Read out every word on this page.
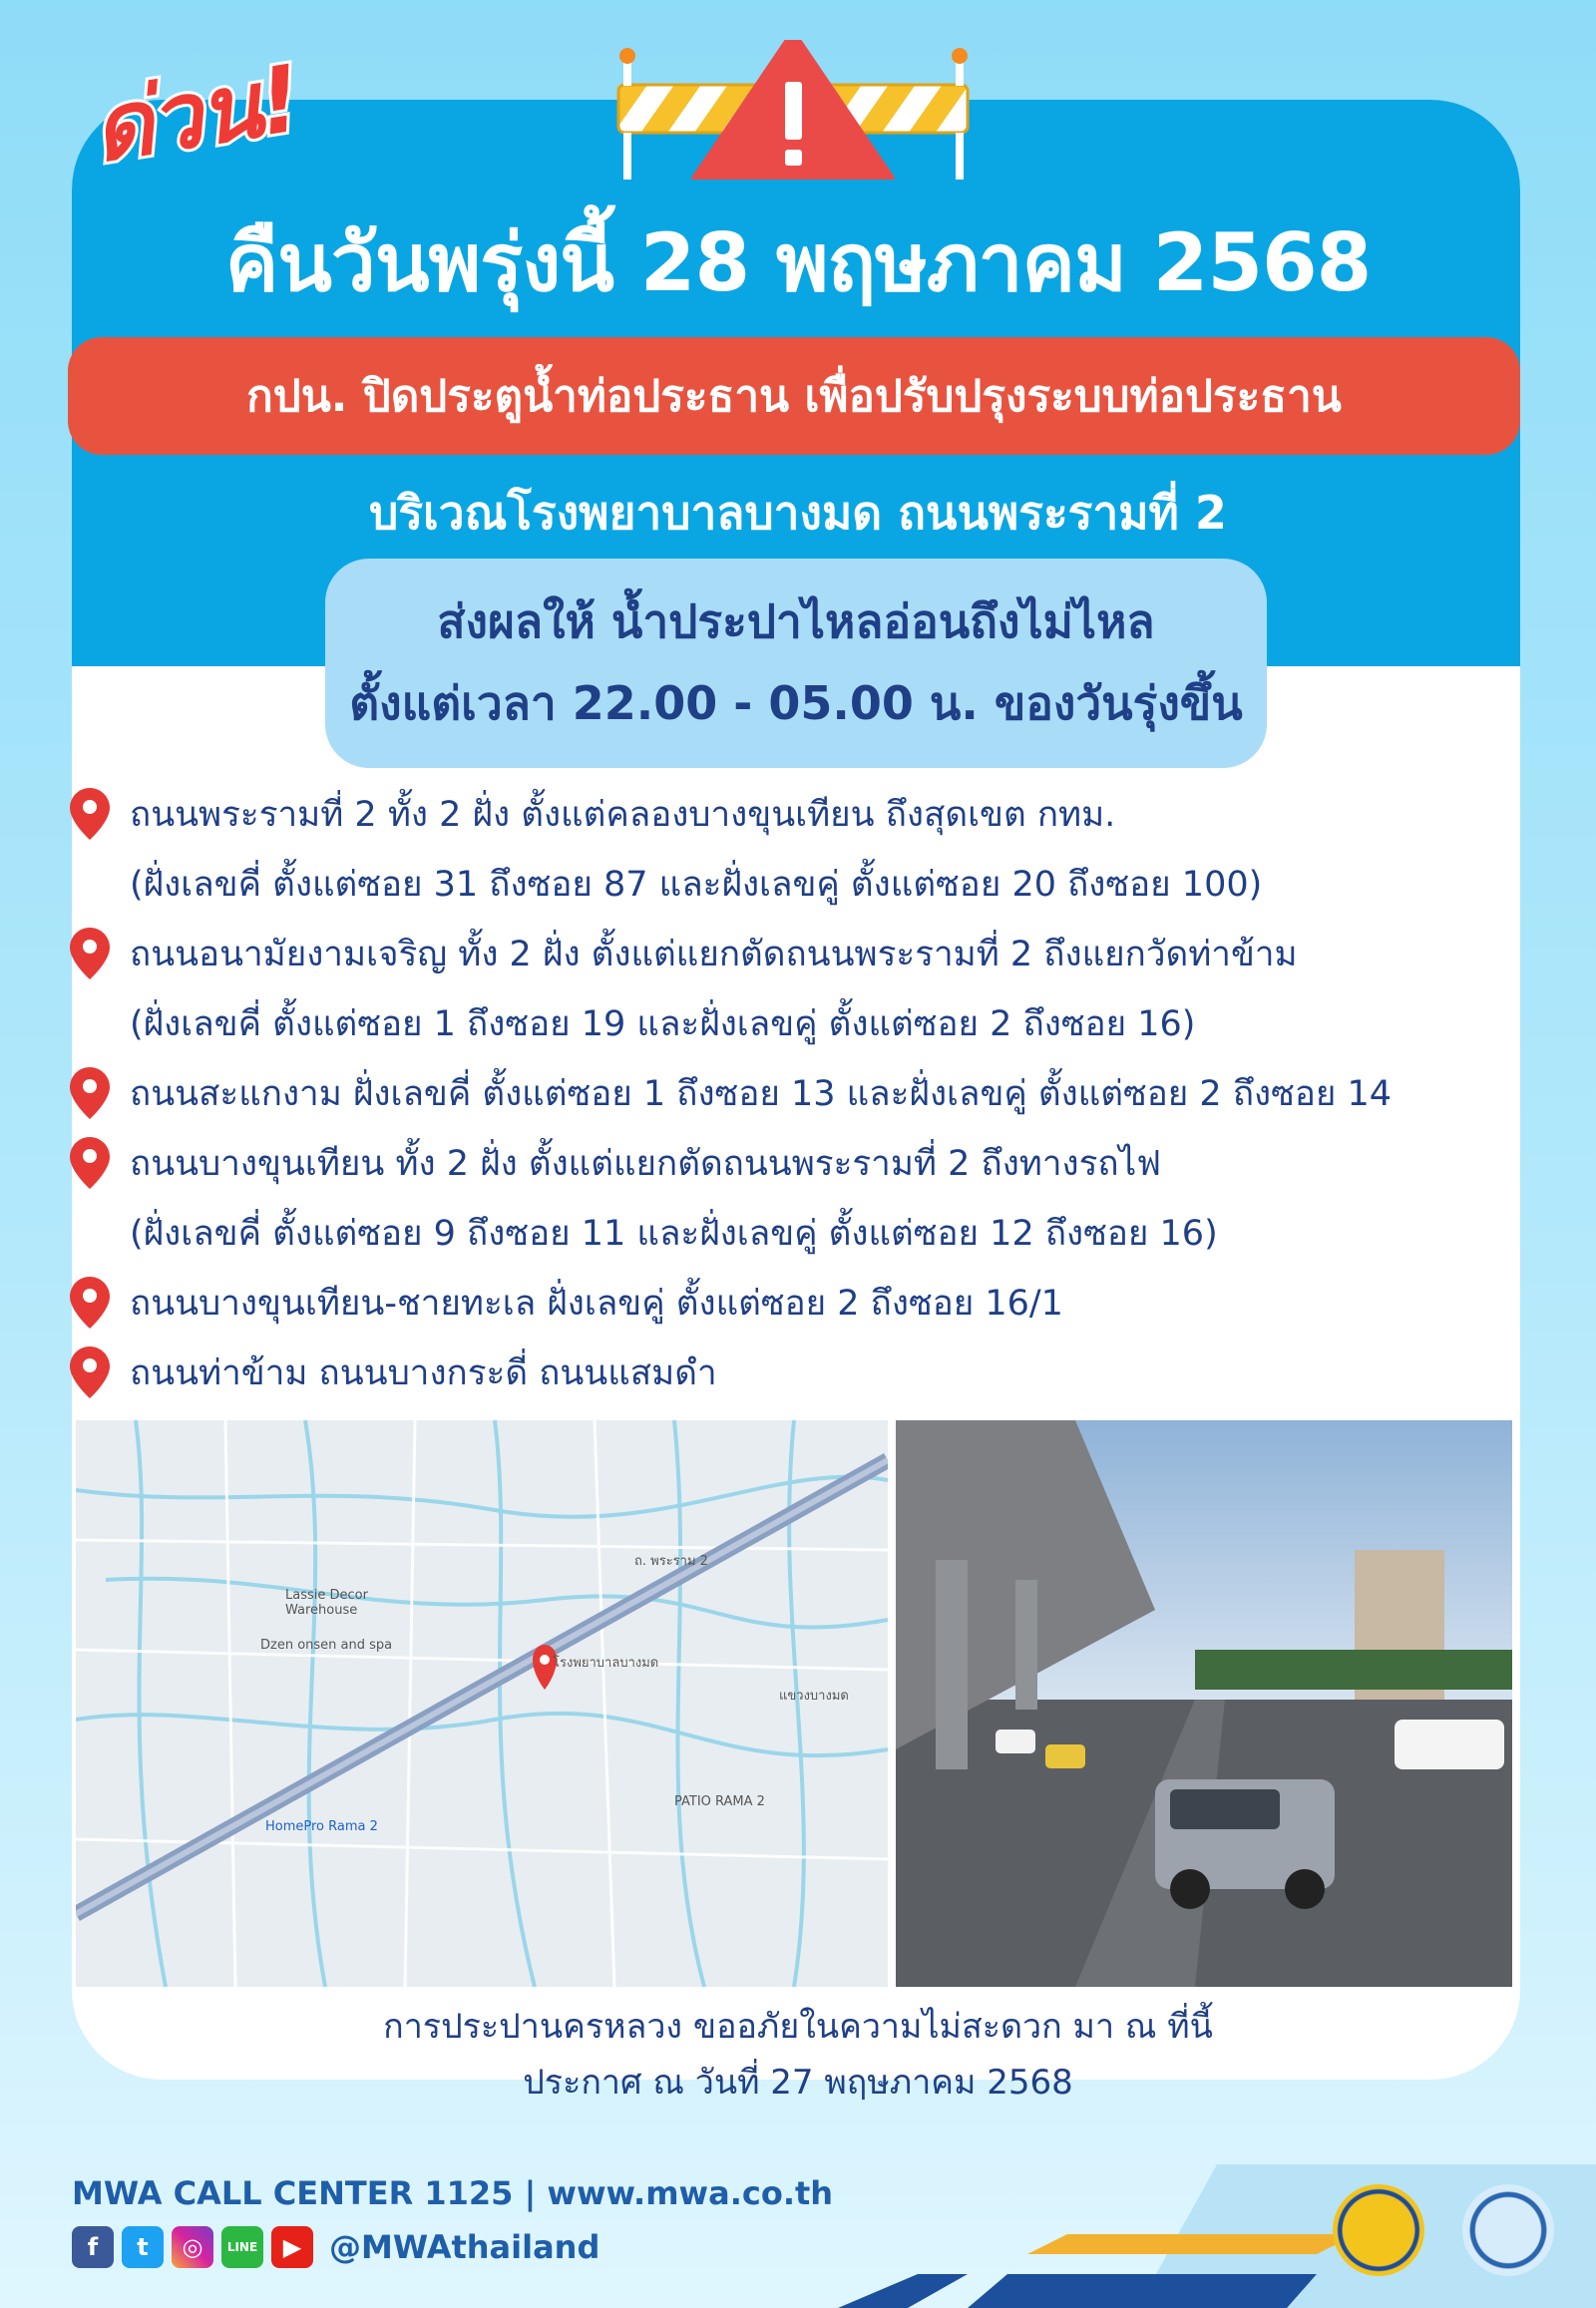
ด่วน!
คืนวันพรุ่งนี้ 28 พฤษภาคม 2568
กปน. ปิดประตูน้ำท่อประธาน เพื่อปรับปรุงระบบท่อประธาน
บริเวณโรงพยาบาลบางมด ถนนพระรามที่ 2
ส่งผลให้ น้ำประปาไหลอ่อนถึงไม่ไหล
ตั้งแต่เวลา 22.00 - 05.00 น. ของวันรุ่งขึ้น
ถนนพระรามที่ 2 ทั้ง 2 ฝั่ง ตั้งแต่คลองบางขุนเทียน ถึงสุดเขต กทม.
(ฝั่งเลขคี่ ตั้งแต่ซอย 31 ถึงซอย 87 และฝั่งเลขคู่ ตั้งแต่ซอย 20 ถึงซอย 100)
ถนนอนามัยงามเจริญ ทั้ง 2 ฝั่ง ตั้งแต่แยกตัดถนนพระรามที่ 2 ถึงแยกวัดท่าข้าม
(ฝั่งเลขคี่ ตั้งแต่ซอย 1 ถึงซอย 19 และฝั่งเลขคู่ ตั้งแต่ซอย 2 ถึงซอย 16)
ถนนสะแกงาม ฝั่งเลขคี่ ตั้งแต่ซอย 1 ถึงซอย 13 และฝั่งเลขคู่ ตั้งแต่ซอย 2 ถึงซอย 14
ถนนบางขุนเทียน ทั้ง 2 ฝั่ง ตั้งแต่แยกตัดถนนพระรามที่ 2 ถึงทางรถไฟ
(ฝั่งเลขคี่ ตั้งแต่ซอย 9 ถึงซอย 11 และฝั่งเลขคู่ ตั้งแต่ซอย 12 ถึงซอย 16)
ถนนบางขุนเทียน-ชายทะเล ฝั่งเลขคู่ ตั้งแต่ซอย 2 ถึงซอย 16/1
ถนนท่าข้าม ถนนบางกระดี่ ถนนแสมดำ
Lassie Decor Warehouse
Dzen onsen and spa
PATIO RAMA 2
HomePro Rama 2
โรงพยาบาลบางมด
ถ. พระราม 2
แขวงบางมด
การประปานครหลวง ขออภัยในความไม่สะดวก มา ณ ที่นี้
ประกาศ ณ วันที่ 27 พฤษภาคม 2568
MWA CALL CENTER 1125 | www.mwa.co.th
f	t	◎	LINE	▶ @MWAthailand
